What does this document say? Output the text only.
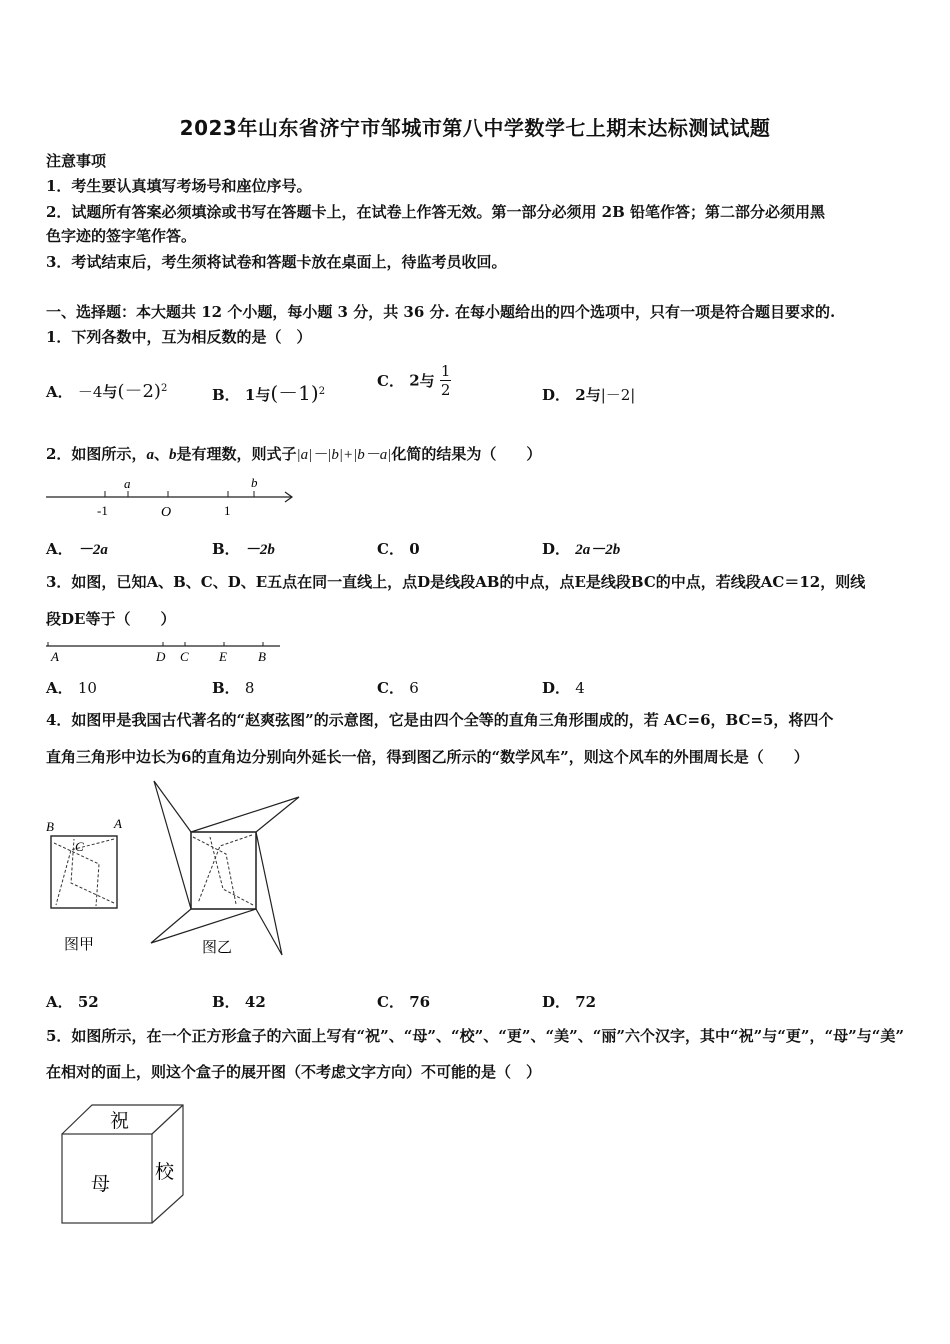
2023年山东省济宁市邹城市第八中学数学七上期末达标测试试题
注意事项
1．考生要认真填写考场号和座位序号。
2．试题所有答案必须填涂或书写在答题卡上，在试卷上作答无效。第一部分必须用 2B 铅笔作答；第二部分必须用黑
色字迹的签字笔作答。
3．考试结束后，考生须将试卷和答题卡放在桌面上，待监考员收回。
一、选择题：本大题共 12 个小题，每小题 3 分，共 36 分. 在每小题给出的四个选项中，只有一项是符合题目要求的.
1．下列各数中，互为相反数的是（　）
A． －4与$(-2)^2$	B． 1与$(-1)^2$
C． 2与 $\frac{1}{2}$	D． 2与|－2|
2．如图所示，a、b是有理数，则式子|a|－|b|+|b－a|化简的结果为（　　）
a	b
-1	O	1
A． －2a	B． －2b	C． 0	D． 2a－2b
3．如图，已知A、B、C、D、E五点在同一直线上，点D是线段AB的中点，点E是线段BC的中点，若线段AC＝12，则线
段DE等于（　　）
A	D C E B
A． 10	B． 8	C． 6	D． 4
4．如图甲是我国古代著名的“赵爽弦图”的示意图，它是由四个全等的直角三角形围成的，若 AC=6，BC=5，将四个
直角三角形中边长为6的直角边分别向外延长一倍，得到图乙所示的“数学风车”，则这个风车的外围周长是（　　）
B	A
C
图甲	图乙
A． 52	B． 42	C． 76	D． 72
5．如图所示，在一个正方形盒子的六面上写有“祝”、“母”、“校”、“更”、“美”、“丽”六个汉字，其中“祝”与“更”，“母”与“美”
在相对的面上，则这个盒子的展开图（不考虑文字方向）不可能的是（　）
祝
母
校
